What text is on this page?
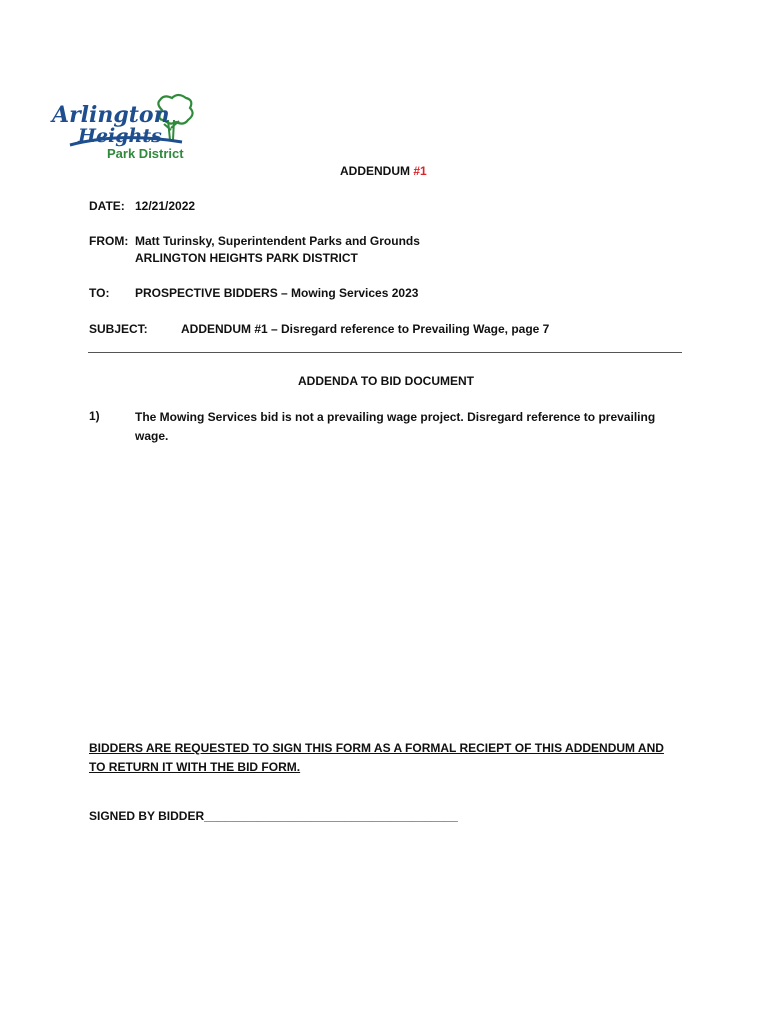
Arlington
Heights
Park District
ADDENDUM #1
DATE: 12/21/2022
FROM: Matt Turinsky, Superintendent Parks and Grounds
ARLINGTON HEIGHTS PARK DISTRICT
TO: PROSPECTIVE BIDDERS – Mowing Services 2023
SUBJECT:	ADDENDUM #1 – Disregard reference to Prevailing Wage, page 7
ADDENDA TO BID DOCUMENT
1)	The Mowing Services bid is not a prevailing wage project. Disregard reference to prevailing wage.
BIDDERS ARE REQUESTED TO SIGN THIS FORM AS A FORMAL RECIEPT OF THIS ADDENDUM AND TO RETURN IT WITH THE BID FORM.
SIGNED BY BIDDER______________________________________
